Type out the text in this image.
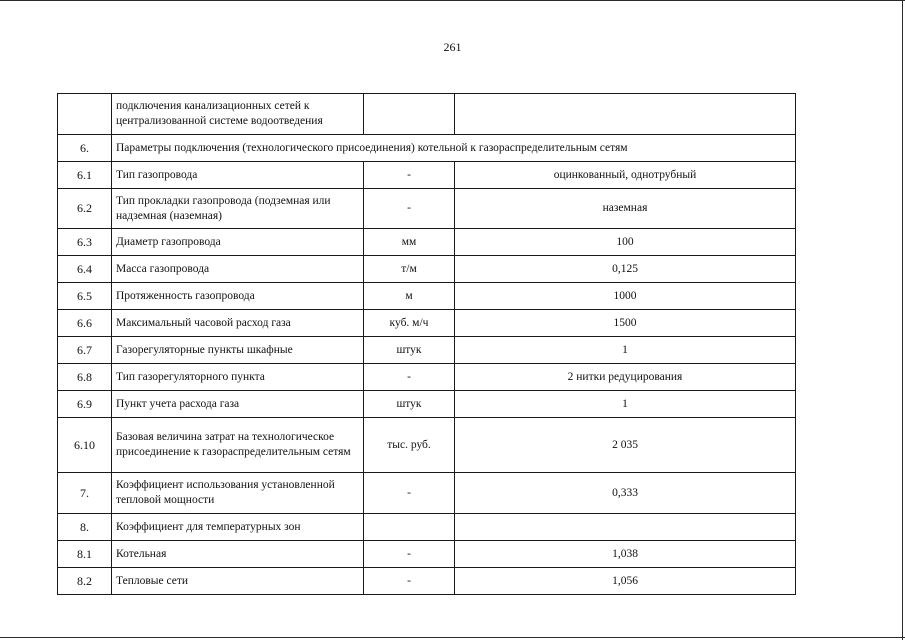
261
	подключения канализационных сетей к централизованной системе водоотведения		
6.	Параметры подключения (технологического присоединения) котельной к газораспределительным сетям		
6.1	Тип газопровода	-	оцинкованный, однотрубный
6.2	Тип прокладки газопровода (подземная или надземная (наземная)	-	наземная
6.3	Диаметр газопровода	мм	100
6.4	Масса газопровода	т/м	0,125
6.5	Протяженность газопровода	м	1000
6.6	Максимальный часовой расход газа	куб. м/ч	1500
6.7	Газорегуляторные пункты шкафные	штук	1
6.8	Тип газорегуляторного пункта	-	2 нитки редуцирования
6.9	Пункт учета расхода газа	штук	1
6.10	Базовая величина затрат на технологическое присоединение к газораспределительным сетям	тыс. руб.	2 035
7.	Коэффициент использования установленной тепловой мощности	-	0,333
8.	Коэффициент для температурных зон		
8.1	Котельная	-	1,038
8.2	Тепловые сети	-	1,056
